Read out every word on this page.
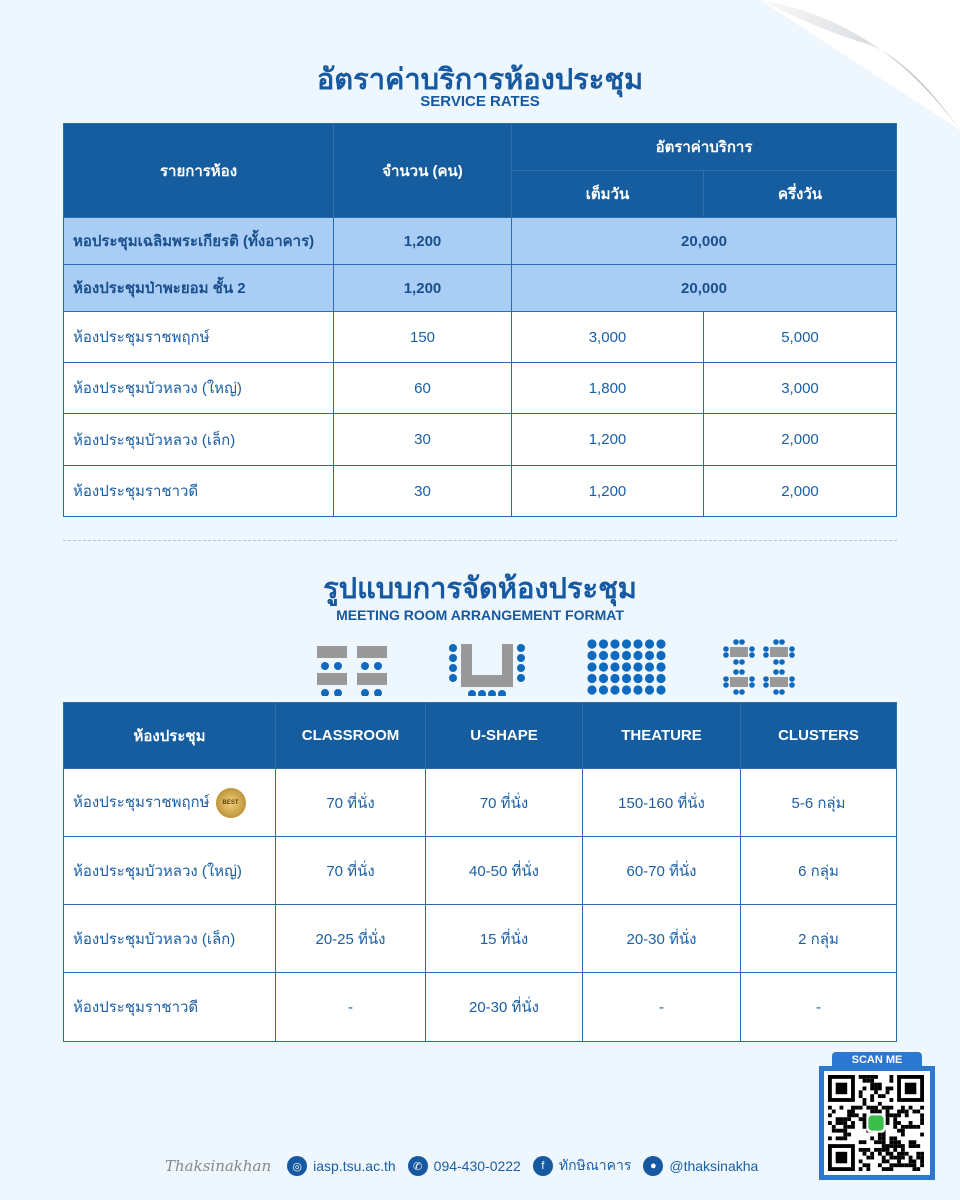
อัตราค่าบริการห้องประชุม
SERVICE RATES
รายการห้อง	จำนวน (คน)	อัตราค่าบริการ	
		เต็มวัน	ครึ่งวัน
หอประชุมเฉลิมพระเกียรติ (ทั้งอาคาร)	1,200	20,000	
ห้องประชุมป่าพะยอม ชั้น 2	1,200	20,000	
ห้องประชุมราชพฤกษ์	150	3,000	5,000
ห้องประชุมบัวหลวง (ใหญ่)	60	1,800	3,000
ห้องประชุมบัวหลวง (เล็ก)	30	1,200	2,000
ห้องประชุมราชาวดี	30	1,200	2,000
รูปแบบการจัดห้องประชุม
MEETING ROOM ARRANGEMENT FORMAT
ห้องประชุม	CLASSROOM	U-SHAPE	THEATURE	CLUSTERS
ห้องประชุมราชพฤกษ์ BEST	70 ที่นั่ง	70 ที่นั่ง	150-160 ที่นั่ง	5-6 กลุ่ม
ห้องประชุมบัวหลวง (ใหญ่)	70 ที่นั่ง	40-50 ที่นั่ง	60-70 ที่นั่ง	6 กลุ่ม
ห้องประชุมบัวหลวง (เล็ก)	20-25 ที่นั่ง	15 ที่นั่ง	20-30 ที่นั่ง	2 กลุ่ม
ห้องประชุมราชาวดี	-	20-30 ที่นั่ง	-	-
SCAN ME
Thaksinakhan	◎ iasp.tsu.ac.th	✆ 094-430-0222	f	ทักษิณาคาร	● @thaksinakha
